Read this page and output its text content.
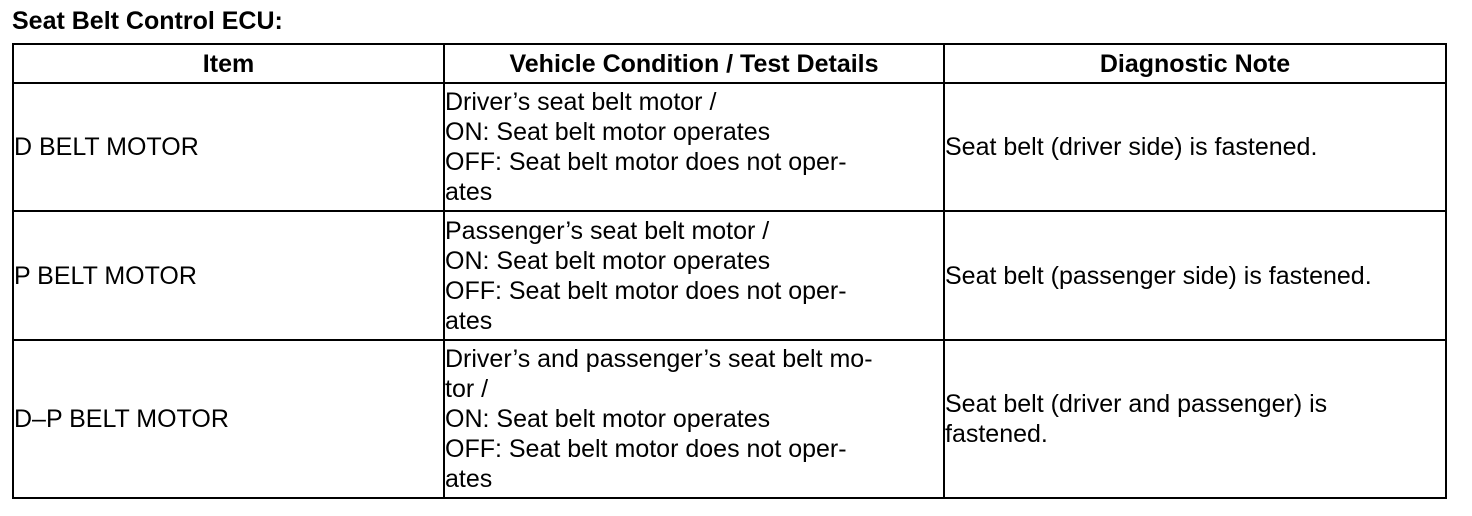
Seat Belt Control ECU:
Item	Vehicle Condition / Test Details	Diagnostic Note
D BELT MOTOR	Driver’s seat belt motor /
ON: Seat belt motor operates
OFF: Seat belt motor does not oper-
ates	Seat belt (driver side) is fastened.

P BELT MOTOR	Passenger’s seat belt motor /
ON: Seat belt motor operates
OFF: Seat belt motor does not oper-
ates	Seat belt (passenger side) is fastened.

D–P BELT MOTOR	Driver’s and passenger’s seat belt mo-
tor /
ON: Seat belt motor operates
OFF: Seat belt motor does not oper-
ates	Seat belt (driver and passenger) is
fastened.
